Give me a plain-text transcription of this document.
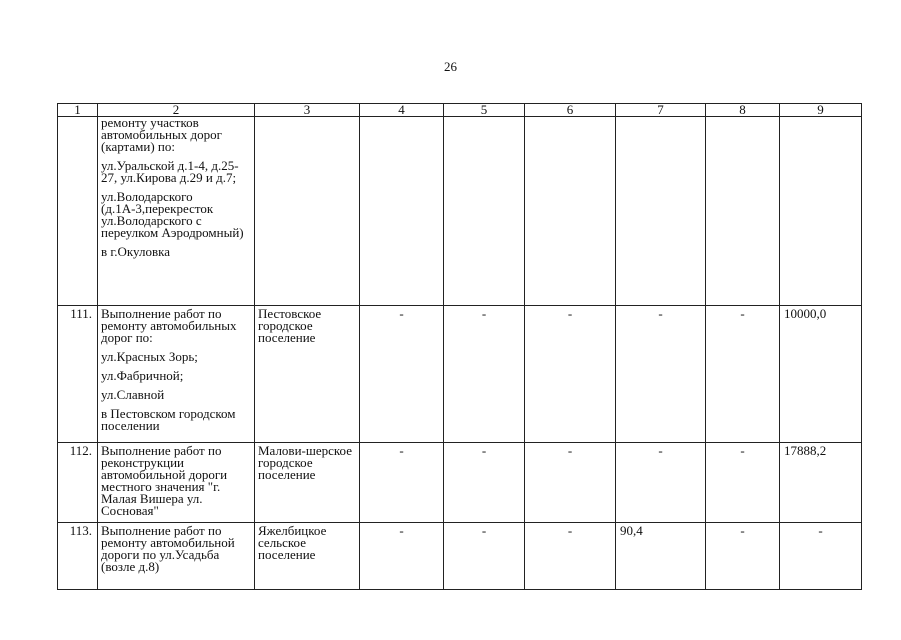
26
1	2	3	4	5	6	7	8	9

	ремонту участков автомобильных дорог (картами) по:

ул.Уральской д.1-4, д.25-27, ул.Кирова д.29 и д.7;

ул.Володарского (д.1А-3,перекресток ул.Володарского с переулком Аэродромный)

в г.Окуловка							

111.	Выполнение работ по ремонту автомобильных дорог по:

ул.Красных Зорь;

ул.Фабричной;

ул.Славной

в Пестовском городском поселении	Пестовское городское поселение	-	-	-	-	-	10000,0
112.	Выполнение работ по реконструкции автомобильной дороги местного значения "г. Малая Вишера ул. Сосновая"	Малови-шерское городское поселение	-	-	-	-	-	17888,2
113.	Выполнение работ по ремонту автомобильной дороги по ул.Усадьба (возле д.8)	Яжелбицкое сельское поселение	-	-	-	90,4	-	-
